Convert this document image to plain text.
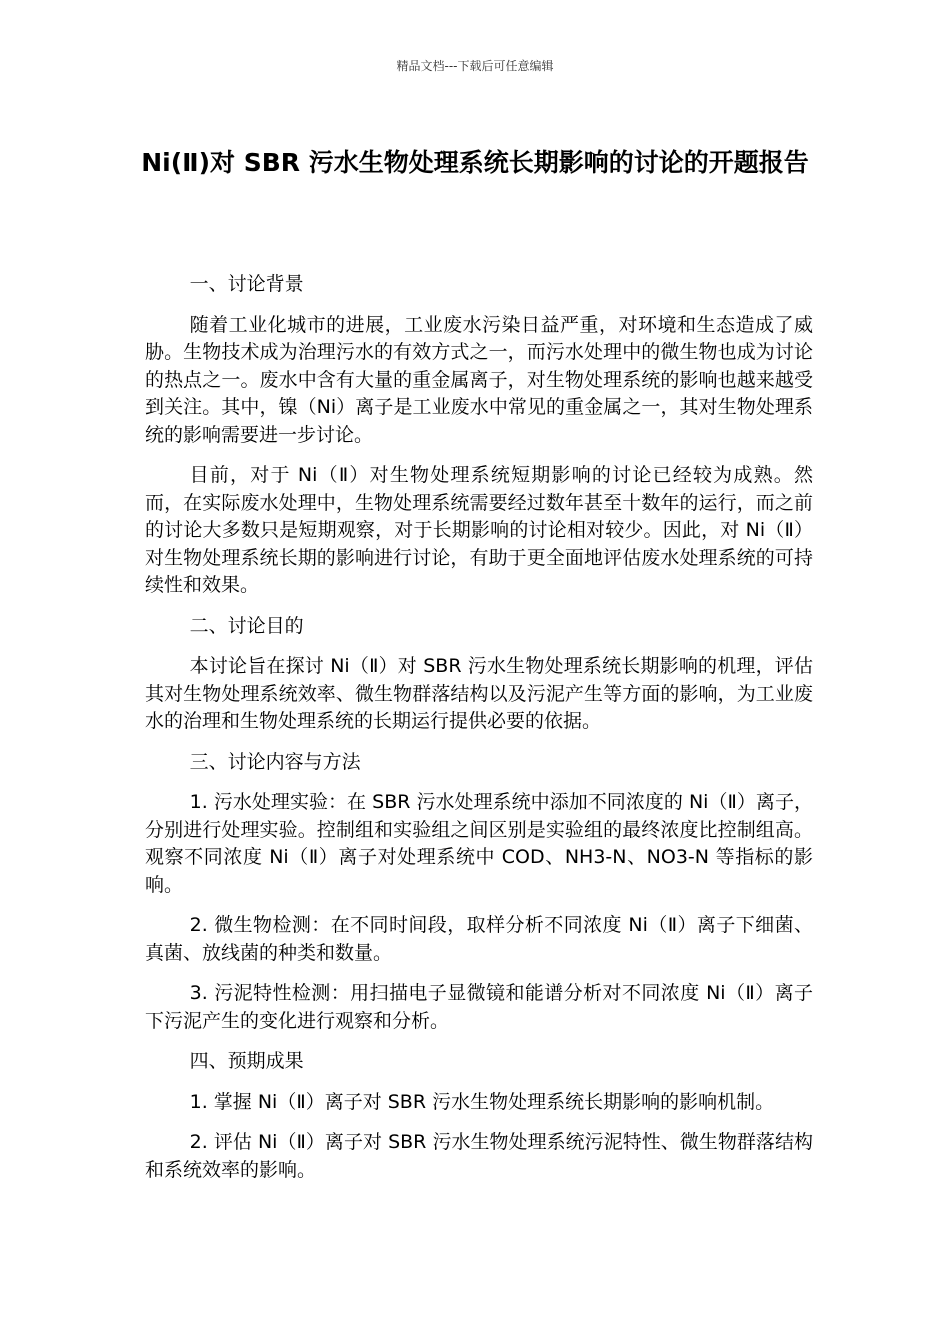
精品文档---下载后可任意编辑
Ni(Ⅱ)对 SBR 污水生物处理系统长期影响的讨论的开题报告

一、讨论背景

随着工业化城市的进展，工业废水污染日益严重，对环境和生态造成了威胁。生物技术成为治理污水的有效方式之一，而污水处理中的微生物也成为讨论的热点之一。废水中含有大量的重金属离子，对生物处理系统的影响也越来越受到关注。其中，镍（Ni）离子是工业废水中常见的重金属之一，其对生物处理系统的影响需要进一步讨论。

目前，对于 Ni（Ⅱ）对生物处理系统短期影响的讨论已经较为成熟。然而，在实际废水处理中，生物处理系统需要经过数年甚至十数年的运行，而之前的讨论大多数只是短期观察，对于长期影响的讨论相对较少。因此，对 Ni（Ⅱ）对生物处理系统长期的影响进行讨论，有助于更全面地评估废水处理系统的可持续性和效果。

二、讨论目的

本讨论旨在探讨 Ni（Ⅱ）对 SBR 污水生物处理系统长期影响的机理，评估其对生物处理系统效率、微生物群落结构以及污泥产生等方面的影响，为工业废水的治理和生物处理系统的长期运行提供必要的依据。

三、讨论内容与方法

1. 污水处理实验：在 SBR 污水处理系统中添加不同浓度的 Ni（Ⅱ）离子，分别进行处理实验。控制组和实验组之间区别是实验组的最终浓度比控制组高。观察不同浓度 Ni（Ⅱ）离子对处理系统中 COD、NH3-N、NO3-N 等指标的影响。

2. 微生物检测：在不同时间段，取样分析不同浓度 Ni（Ⅱ）离子下细菌、真菌、放线菌的种类和数量。

3. 污泥特性检测：用扫描电子显微镜和能谱分析对不同浓度 Ni（Ⅱ）离子下污泥产生的变化进行观察和分析。

四、预期成果

1. 掌握 Ni（Ⅱ）离子对 SBR 污水生物处理系统长期影响的影响机制。

2. 评估 Ni（Ⅱ）离子对 SBR 污水生物处理系统污泥特性、微生物群落结构和系统效率的影响。
